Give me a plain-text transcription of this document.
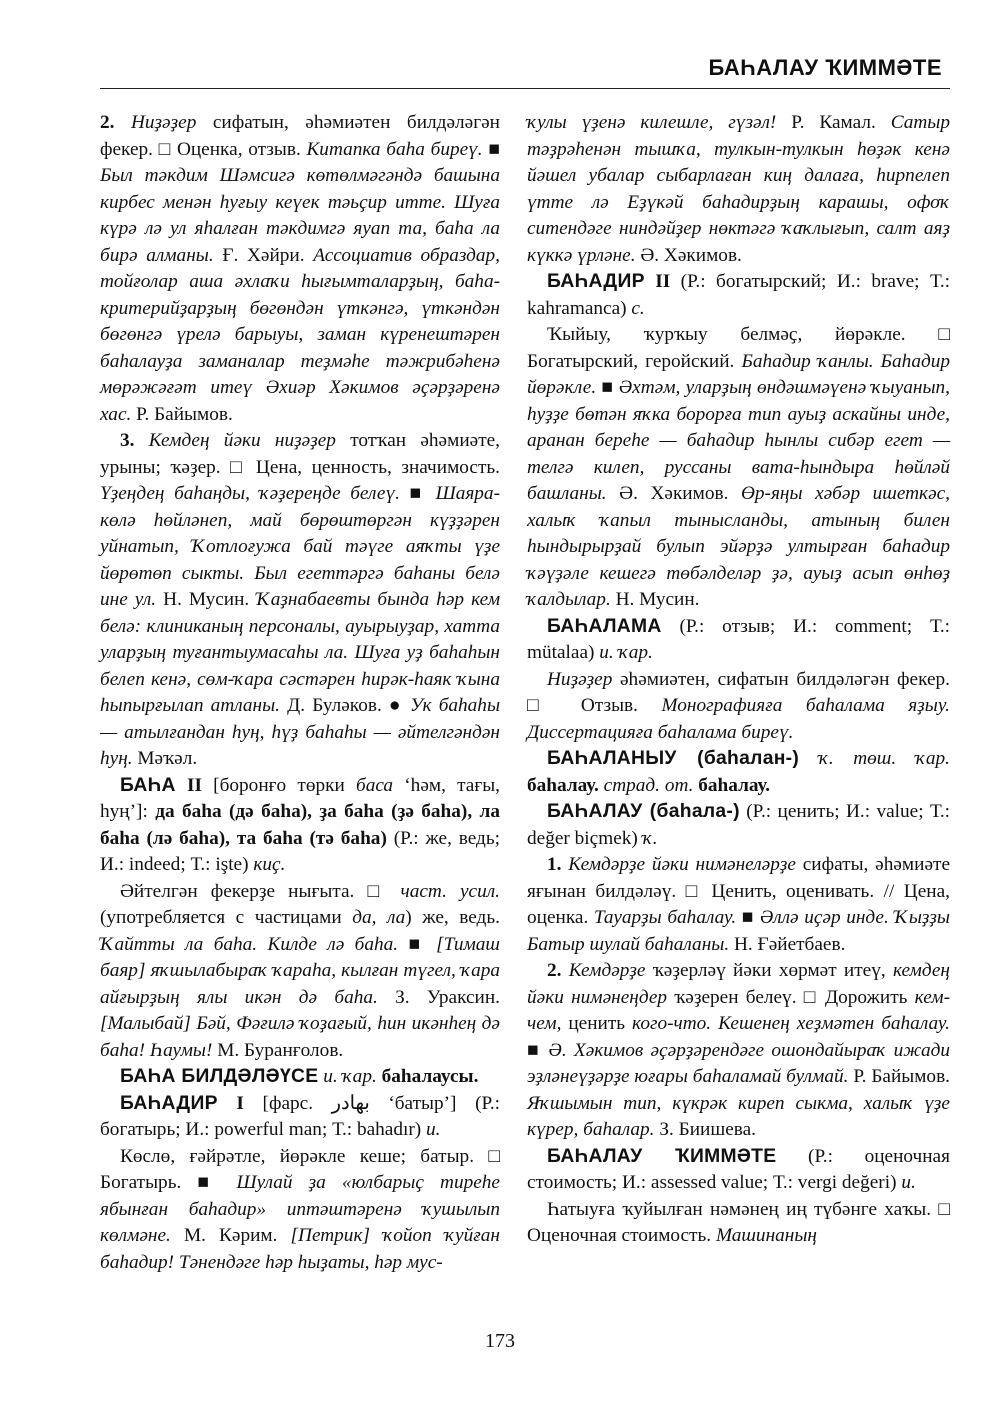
БАҺАЛАУ ҠИММӘТЕ

2. Ниҙәҙер сифатын, әһәмиәтен билдәләгән фекер. □ Оценка, отзыв. Китапка баһа биреү. ■ Был тәкдим Шәмсигә көтөлмәгәндә башына кирбес менән һуғыу кеүек тәьҫир итте. Шуға күрә лә ул яһалған тәкдимгә яуап та, баһа ла бирә алманы. Ғ. Хәйри. Ассоциатив образдар, тойғолар аша әхлаҡи һығымталарҙың, баһа-критерийҙарҙың бөгөндән үткәнгә, үткәндән бөгөнгә үрелә барыуы, заман күренештәрен баһалауҙа заманалар теҙмәһе тәжрибәһенә мөрәжәғәт итеү Әхиәр Хәкимов әҫәрҙәренә хас. Р. Байымов.

3. Кемдең йәки ниҙәҙер тотҡан әһәмиәте, урыны; ҡәҙер. □ Цена, ценность, значимость. Үҙеңдең баһаңды, ҡәҙереңде белеү. ■ Шаяра-көлә һөйләнеп, май бөрөштөргән күҙҙәрен уйнатып, Ҡотлоғужа бай тәүге аяҡты үҙе йөрөтөп сыкты. Был егеттәргә баһаны белә ине ул. Н. Мусин. Ҡаҙнабаевты бында һәр кем белә: клиниканың персоналы, ауырыуҙар, хатта уларҙың туғантыумасаһы ла. Шуға уҙ баһаһын белеп кенә, сөм-ҡара сәстәрен һирәк-һаяк ҡына һыпырғылап атланы. Д. Буләков. ● Ук баһаһы — атылғандан һуң, һүҙ баһаһы — әйтелгәндән һуң. Мәҡәл.

БАҺА II [боронғо төрки баса ‘һәм, тағы, һуң’]: да баһа (дә баһа), ҙа баһа (ҙә баһа), ла баһа (лә баһа), та баһа (тә баһа) (Р.: же, ведь; И.: indeed; Т.: işte) киҫ.

Әйтелгән фекерҙе нығыта. □ част. усил. (употребляется с частицами да, ла) же, ведь. Ҡайтты ла баһа. Килде лә баһа. ■ [Тимаш баяр] яҡшылабыраҡ ҡараһа, кылған түгел, ҡара айғырҙың ялы икән дә баһа. З. Ураксин. [Малыбай] Бәй, Фәғилә ҡоҙағый, һин икәнһең дә баһа! Һаумы! М. Буранғолов.

БАҺА БИЛДӘЛӘҮСЕ и. ҡар. баһалаусы.

БАҺАДИР I [фарс. بهادر ‘батыр’] (Р.: богатырь; И.: powerful man; Т.: bahadır) и.

Көслө, ғәйрәтле, йөрәкле кеше; батыр. □ Богатырь. ■ Шулай ҙа «юлбарыҫ тиреһе ябынған баһадир» иптәштәренә ҡушылып көлмәне. М. Кәрим. [Петрик] ҡойоп ҡуйған баһадир! Тәнендәге һәр һыҙаты, һәр мус-

ҡулы үҙенә килешле, гүзәл! Р. Камал. Сатыр тәҙрәһенән тышҡа, тулкын-тулкын һөҙәк кенә йәшел убалар сыбарлаған киң далаға, һирпелеп үтте лә Еҙүкәй баһадирҙың карашы, офоҡ ситендәге ниндәйҙер нөктәгә ҡаҡлығып, салт аяҙ күккә үрләне. Ә. Хәкимов.

БАҺАДИР II (Р.: богатырский; И.: brave; Т.: kahramanca) с.

Ҡыйыу, ҡурҡыу белмәҫ, йөрәкле. □ Богатырский, геройский. Баһадир ҡанлы. Баһадир йөрәкле. ■ Әхтәм, уларҙың өндәшмәүенә ҡыуанып, һуҙҙе бөтән яҡка борорға тип ауыҙ аскайны инде, аранан береһе — баһадир һынлы сибәр егет — телгә килеп, руссаны вата-һындыра һөйләй башланы. Ә. Хәкимов. Өр-яңы хәбәр ишеткәс, халыҡ ҡапыл тынысланды, атының билен һындырырҙай булып эйәрҙә ултырған баһадир ҡәүҙәле кешегә төбәлделәр ҙә, ауыҙ асып өнһөҙ ҡалдылар. Н. Мусин.

БАҺАЛАМА (Р.: отзыв; И.: comment; Т.: mütalaa) и. ҡар.

Ниҙәҙер әһәмиәтен, сифатын билдәләгән фекер. □ Отзыв. Монографияға баһалама яҙыу. Диссертацияға баһалама биреү.

БАҺАЛАНЫУ (баһалан-) ҡ. төш. ҡар. баһалау. страд. от. баһалау.

БАҺАЛАУ (баһала-) (Р.: ценить; И.: value; Т.: değer biçmek) ҡ.

1. Кемдәрҙе йәки нимәнеләрҙе сифаты, әһәмиәте яғынан билдәләү. □ Ценить, оценивать. // Цена, оценка. Тауарҙы баһалау. ■ Әллә иҫәр инде. Ҡыҙҙы Батыр шулай баһаланы. Н. Ғәйетбаев.

2. Кемдәрҙе ҡәҙерләү йәки хөрмәт итеү, кемдең йәки нимәнеңдер ҡәҙерен белеү. □ Дорожить кем-чем, ценить кого-что. Кешенең хеҙмәтен баһалау. ■ Ә. Хәкимов әҫәрҙәрендәге ошондайыраҡ ижади эҙләнеүҙәрҙе юғары баһаламай булмай. Р. Байымов. Яҡшымын тип, күкрәк киреп сыкма, халыҡ үҙе күрер, баһалар. З. Биишева.

БАҺАЛАУ ҠИММӘТЕ (Р.: оценочная стоимость; И.: assessed value; Т.: vergi değeri) и.

Һатыуға ҡуйылған нәмәнең иң түбәнге хаҡы. □ Оценочная стоимость. Машинаның

173
